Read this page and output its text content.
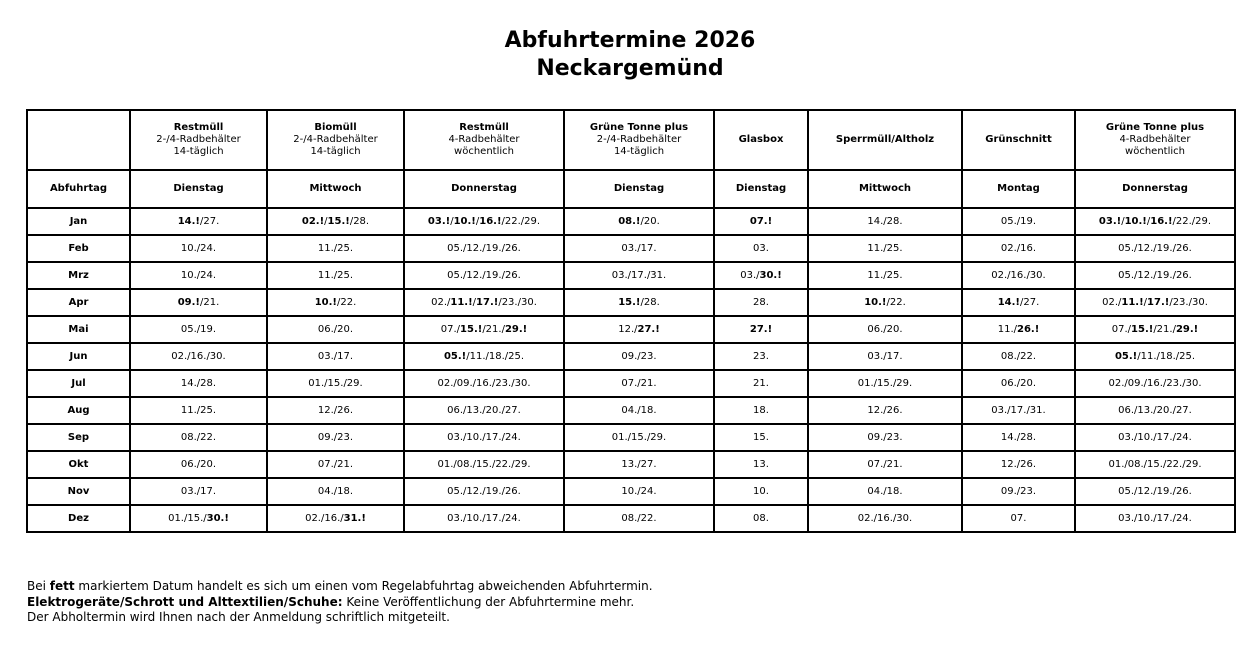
Abfuhrtermine 2026
Neckargemünd

	Restmüll
2-/4-Radbehälter
14-täglich	Biomüll
2-/4-Radbehälter
14-täglich	Restmüll
4-Radbehälter
wöchentlich	Grüne Tonne plus
2-/4-Radbehälter
14-täglich	Glasbox	Sperrmüll/Altholz	Grünschnitt	Grüne Tonne plus
4-Radbehälter
wöchentlich

Abfuhrtag	Dienstag	Mittwoch	Donnerstag	Dienstag	Dienstag	Mittwoch	Montag	Donnerstag
Jan	14.!/27.	02.!/15.!/28.	03.!/10.!/16.!/22./29.	08.!/20.	07.!	14./28.	05./19.	03.!/10.!/16.!/22./29.
Feb	10./24.	11./25.	05./12./19./26.	03./17.	03.	11./25.	02./16.	05./12./19./26.
Mrz	10./24.	11./25.	05./12./19./26.	03./17./31.	03./30.!	11./25.	02./16./30.	05./12./19./26.
Apr	09.!/21.	10.!/22.	02./11.!/17.!/23./30.	15.!/28.	28.	10.!/22.	14.!/27.	02./11.!/17.!/23./30.
Mai	05./19.	06./20.	07./15.!/21./29.!	12./27.!	27.!	06./20.	11./26.!	07./15.!/21./29.!
Jun	02./16./30.	03./17.	05.!/11./18./25.	09./23.	23.	03./17.	08./22.	05.!/11./18./25.
Jul	14./28.	01./15./29.	02./09./16./23./30.	07./21.	21.	01./15./29.	06./20.	02./09./16./23./30.
Aug	11./25.	12./26.	06./13./20./27.	04./18.	18.	12./26.	03./17./31.	06./13./20./27.
Sep	08./22.	09./23.	03./10./17./24.	01./15./29.	15.	09./23.	14./28.	03./10./17./24.
Okt	06./20.	07./21.	01./08./15./22./29.	13./27.	13.	07./21.	12./26.	01./08./15./22./29.
Nov	03./17.	04./18.	05./12./19./26.	10./24.	10.	04./18.	09./23.	05./12./19./26.
Dez	01./15./30.!	02./16./31.!	03./10./17./24.	08./22.	08.	02./16./30.	07.	03./10./17./24.
Bei fett markiertem Datum handelt es sich um einen vom Regelabfuhrtag abweichenden Abfuhrtermin.
Elektrogeräte/Schrott und Alttextilien/Schuhe: Keine Veröffentlichung der Abfuhrtermine mehr.
Der Abholtermin wird Ihnen nach der Anmeldung schriftlich mitgeteilt.
